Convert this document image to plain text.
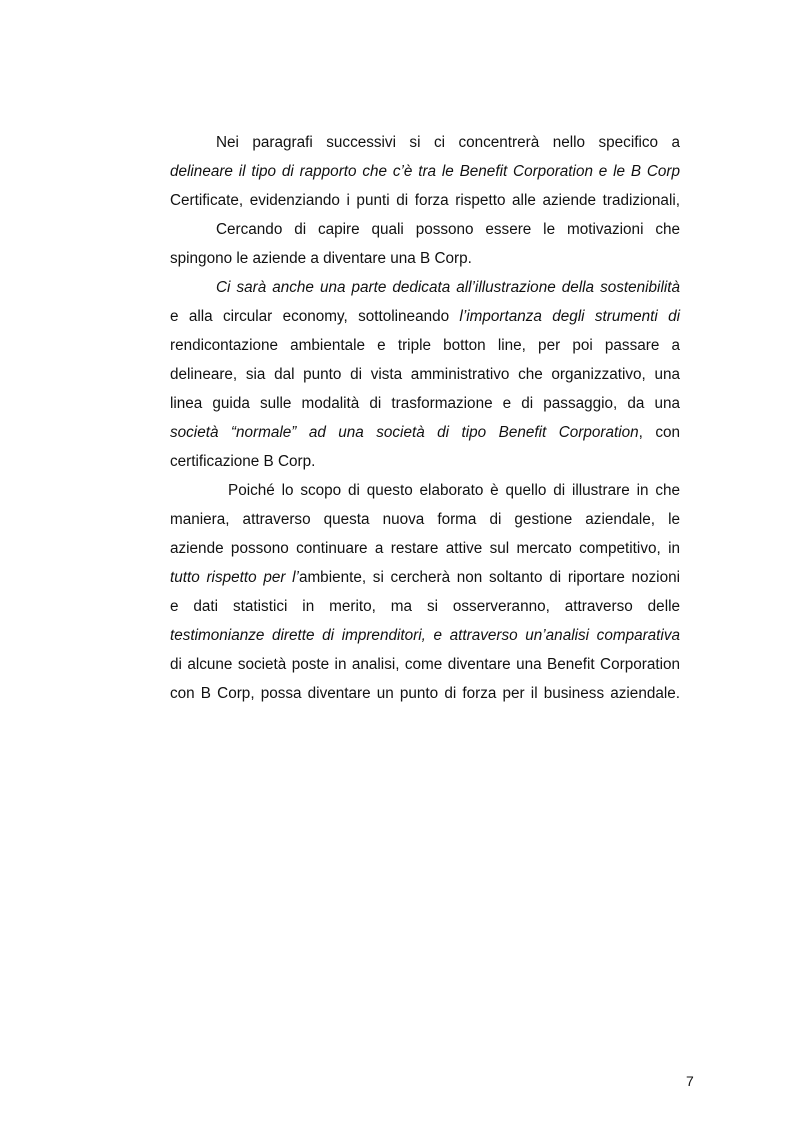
Nei paragrafi successivi si ci concentrerà nello specifico a
delineare il tipo di rapporto che c’è tra le Benefit Corporation e le B Corp
Certificate, evidenziando i punti di forza rispetto alle aziende tradizionali,
Cercando di capire quali possono essere le motivazioni che
spingono le aziende a diventare una B Corp.
Ci sarà anche una parte dedicata all’illustrazione della sostenibilità
e alla circular economy, sottolineando l’importanza degli strumenti di
rendicontazione ambientale e triple botton line, per poi passare a
delineare, sia dal punto di vista amministrativo che organizzativo, una
linea guida sulle modalità di trasformazione e di passaggio, da una
società “normale” ad una società di tipo Benefit Corporation, con
certificazione B Corp.
Poiché lo scopo di questo elaborato è quello di illustrare in che
maniera, attraverso questa nuova forma di gestione aziendale, le
aziende possono continuare a restare attive sul mercato competitivo, in
tutto rispetto per l’ambiente, si cercherà non soltanto di riportare nozioni
e dati statistici in merito, ma si osserveranno, attraverso delle
testimonianze dirette di imprenditori, e attraverso un’analisi comparativa
di alcune società poste in analisi, come diventare una Benefit Corporation
con B Corp, possa diventare un punto di forza per il business aziendale.
7
